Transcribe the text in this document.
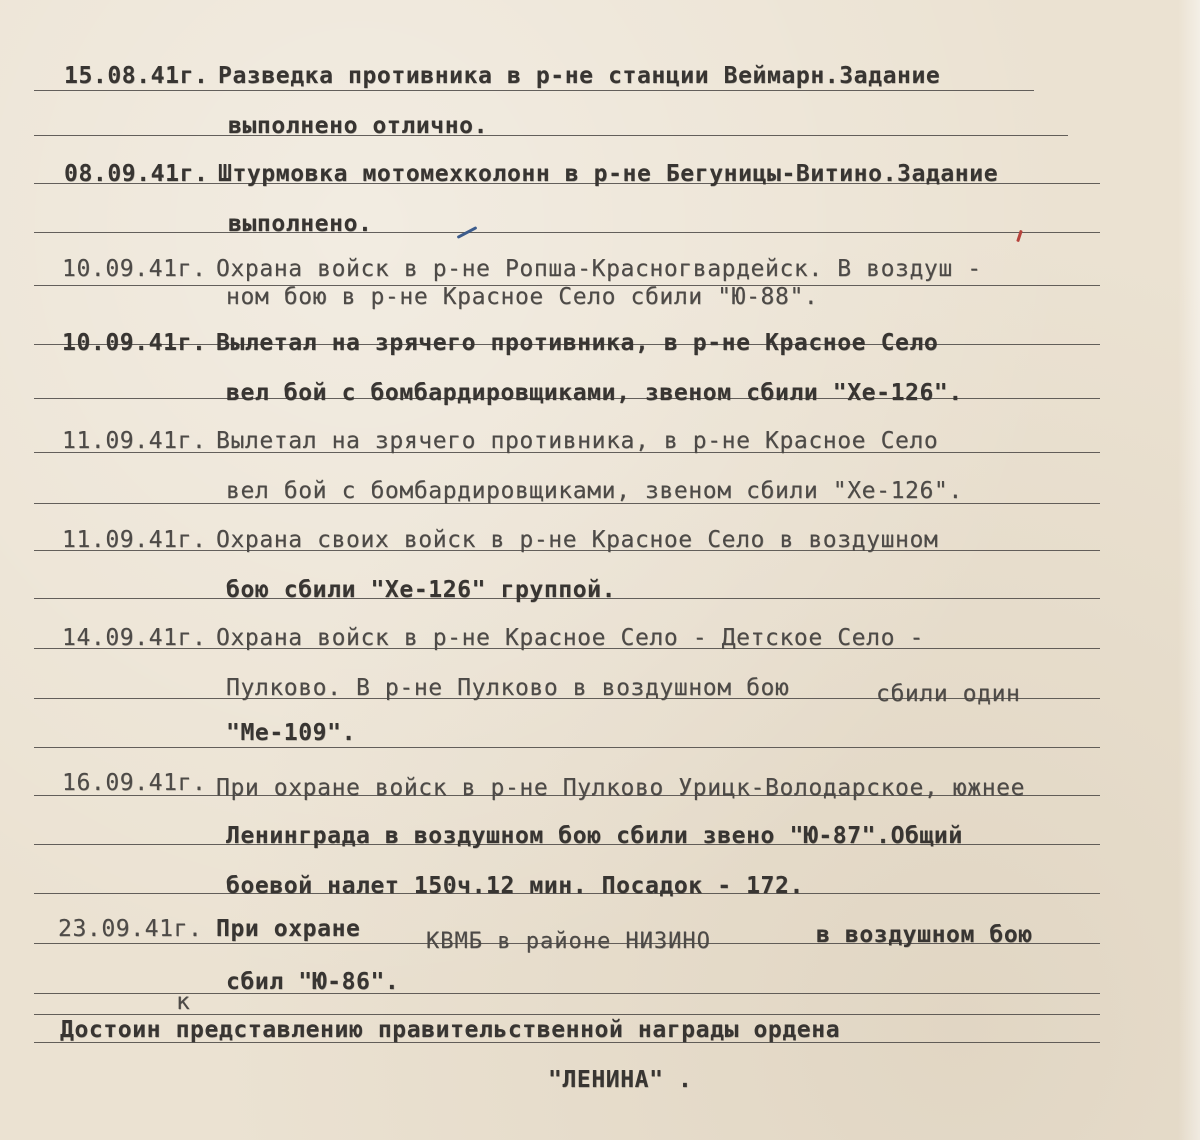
15.08.41г. Разведка противника в р-не станции Веймарн.Задание
выполнено отлично.
08.09.41г. Штурмовка мотомехколонн в р-не Бегуницы-Витино.Задание
выполнено.
10.09.41г. Охрана войск в р-не Ропша-Красногвардейск. В воздуш -
ном бою в р-не Красное Село сбили "Ю-88".
10.09.41г. Вылетал на зрячего противника, в р-не Красное Село
вел бой с бомбардировщиками, звеном сбили "Хе-126".
11.09.41г. Вылетал на зрячего противника, в р-не Красное Село
вел бой с бомбардировщиками, звеном сбили "Хе-126".
11.09.41г. Охрана своих войск в р-не Красное Село в воздушном
бою сбили "Хе-126" группой.
14.09.41г. Охрана войск в р-не Красное Село - Детское Село -
Пулково. В р-не Пулково в воздушном бою	сбили один
"Ме-109".
16.09.41г. При охране войск в р-не Пулково Урицк-Володарское, южнее
Ленинграда в воздушном бою сбили звено "Ю-87".Общий
боевой налет 150ч.12 мин. Посадок - 172.
23.09.41г. При охране	КВМБ в районе НИЗИНО	в воздушном бою
сбил "Ю-86".
к
Достоин представлению правительственной награды ордена
"ЛЕНИНА" .
